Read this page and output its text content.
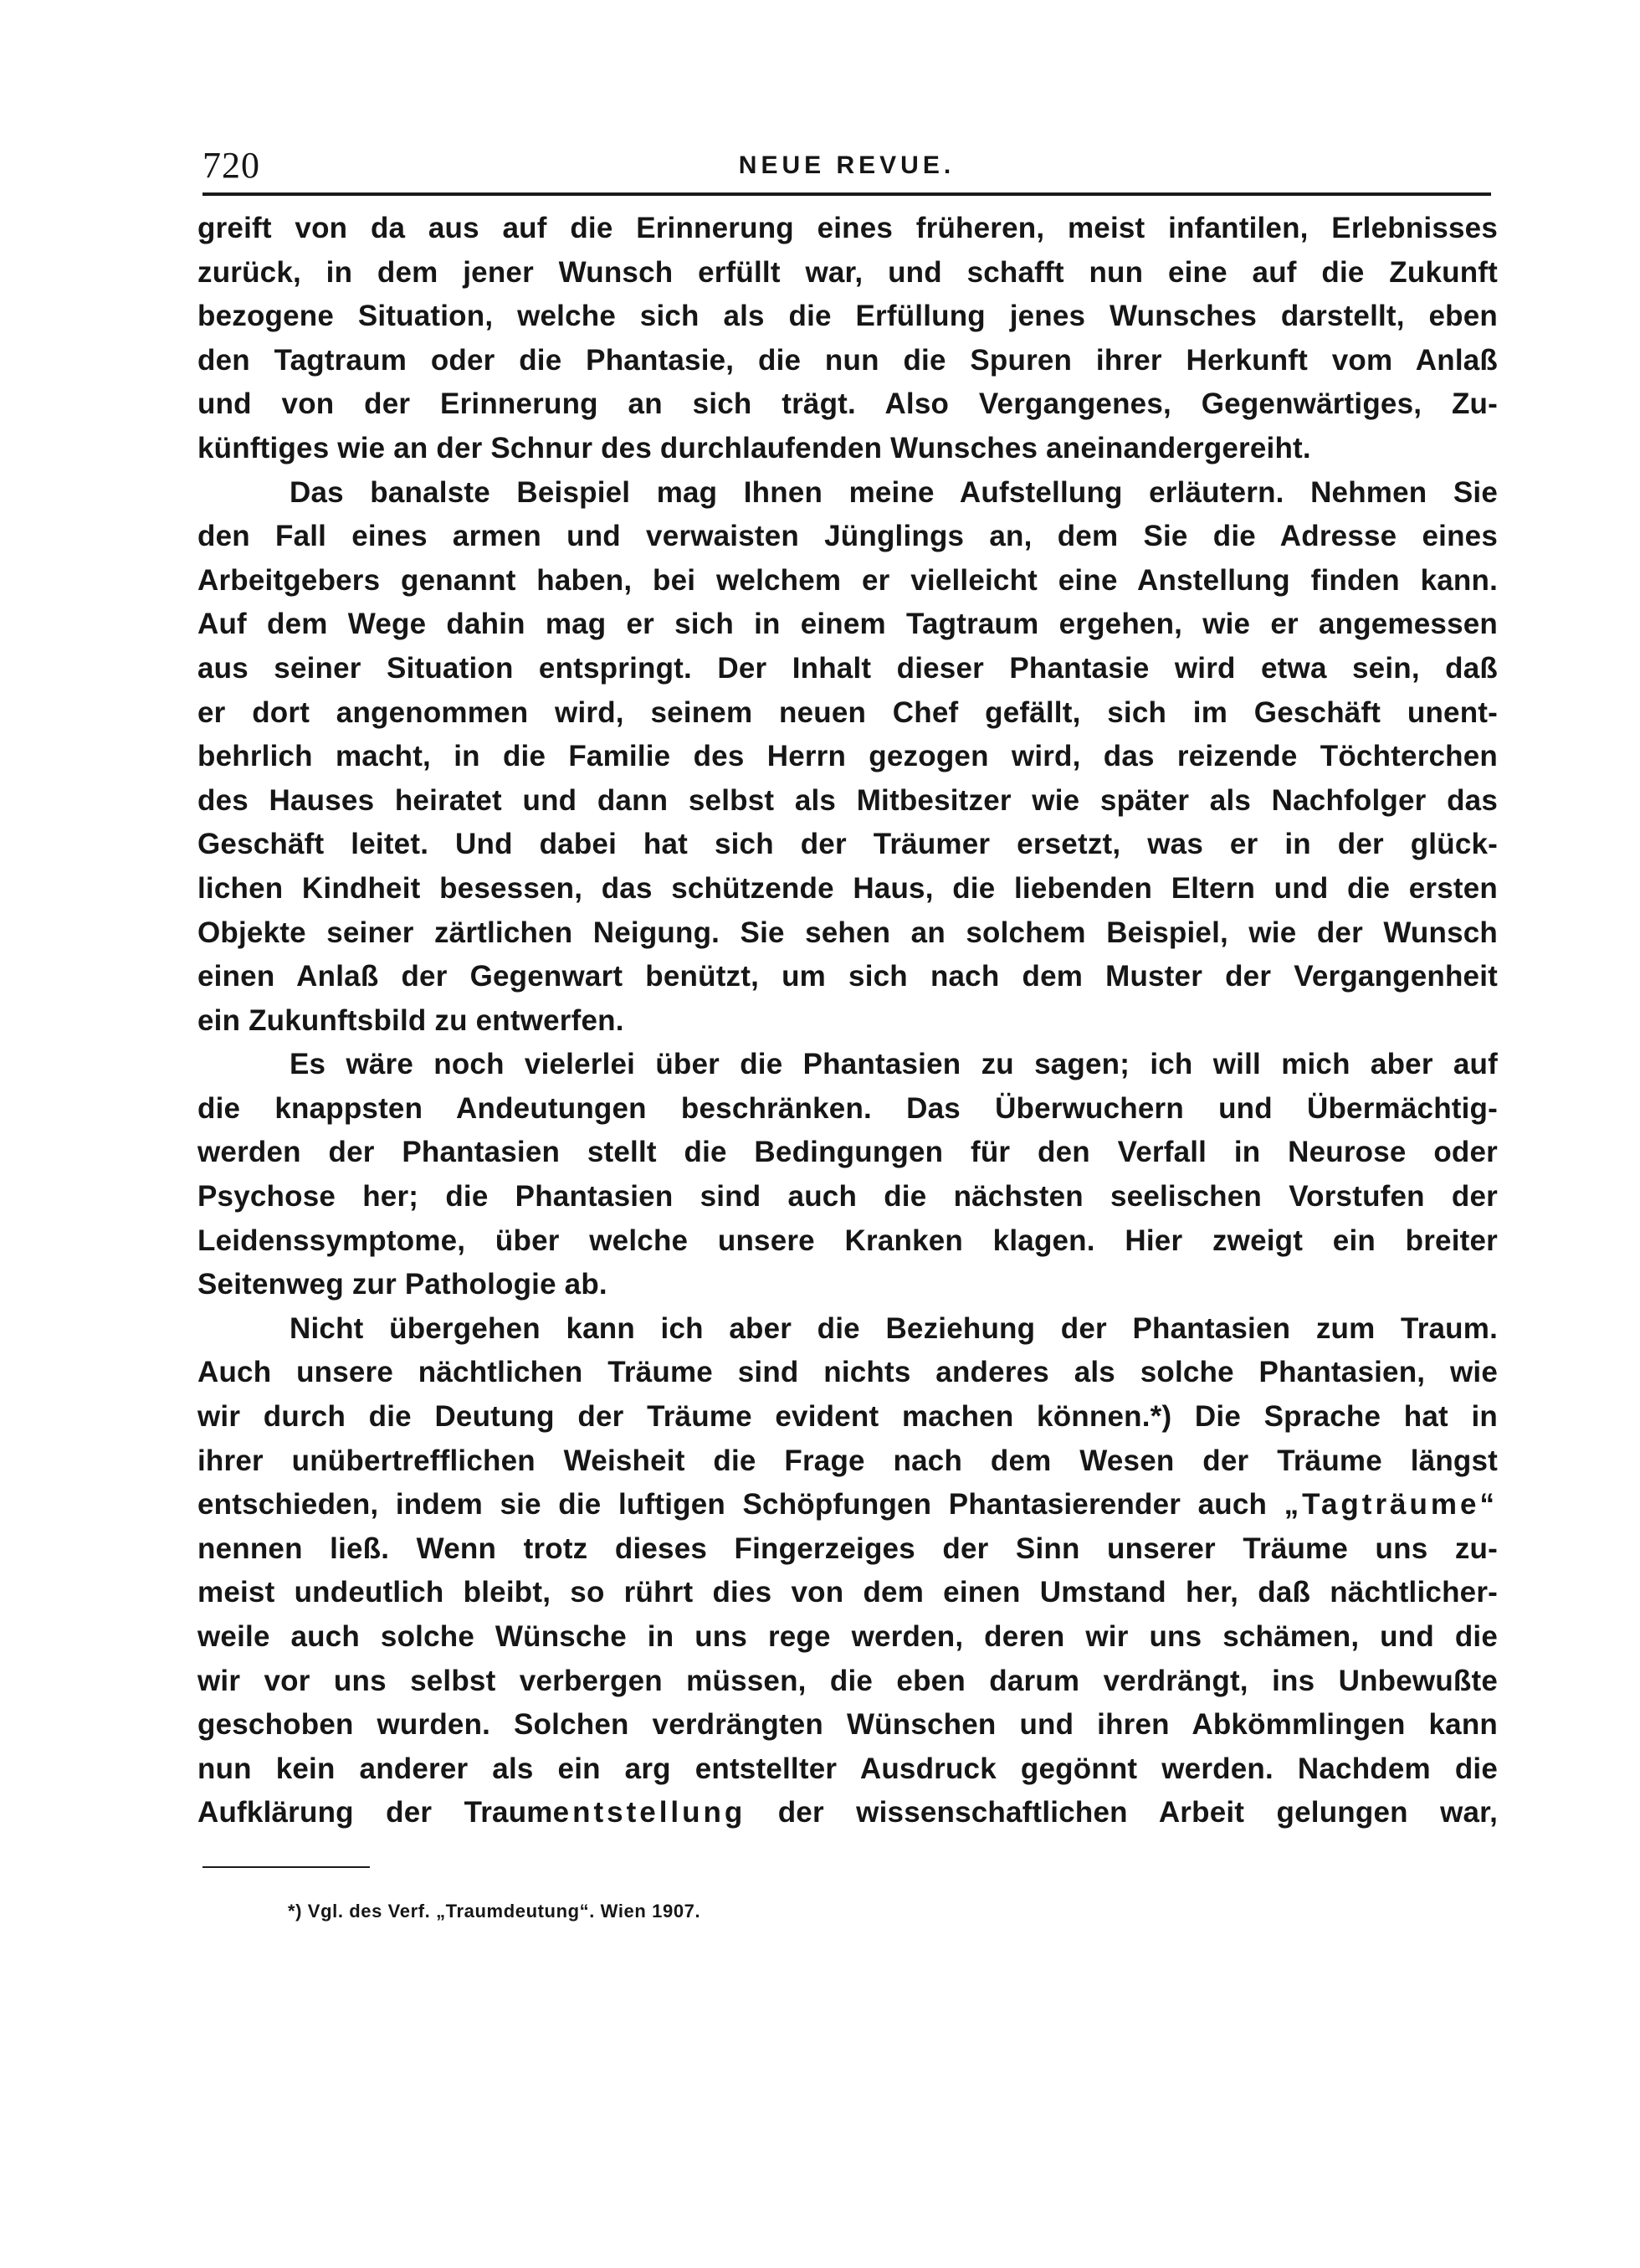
720	NEUE REVUE.
greift von da aus auf die Erinnerung eines früheren, meist infantilen, Erlebnisses
zurück, in dem jener Wunsch erfüllt war, und schafft nun eine auf die Zukunft
bezogene Situation, welche sich als die Erfüllung jenes Wunsches darstellt, eben
den Tagtraum oder die Phantasie, die nun die Spuren ihrer Herkunft vom Anlaß
und von der Erinnerung an sich trägt. Also Vergangenes, Gegenwärtiges, Zu-
künftiges wie an der Schnur des durchlaufenden Wunsches aneinandergereiht.
Das banalste Beispiel mag Ihnen meine Aufstellung erläutern. Nehmen Sie
den Fall eines armen und verwaisten Jünglings an, dem Sie die Adresse eines
Arbeitgebers genannt haben, bei welchem er vielleicht eine Anstellung finden kann.
Auf dem Wege dahin mag er sich in einem Tagtraum ergehen, wie er angemessen
aus seiner Situation entspringt. Der Inhalt dieser Phantasie wird etwa sein, daß
er dort angenommen wird, seinem neuen Chef gefällt, sich im Geschäft unent-
behrlich macht, in die Familie des Herrn gezogen wird, das reizende Töchterchen
des Hauses heiratet und dann selbst als Mitbesitzer wie später als Nachfolger das
Geschäft leitet. Und dabei hat sich der Träumer ersetzt, was er in der glück-
lichen Kindheit besessen, das schützende Haus, die liebenden Eltern und die ersten
Objekte seiner zärtlichen Neigung. Sie sehen an solchem Beispiel, wie der Wunsch
einen Anlaß der Gegenwart benützt, um sich nach dem Muster der Vergangenheit
ein Zukunftsbild zu entwerfen.
Es wäre noch vielerlei über die Phantasien zu sagen; ich will mich aber auf
die knappsten Andeutungen beschränken. Das Überwuchern und Übermächtig-
werden der Phantasien stellt die Bedingungen für den Verfall in Neurose oder
Psychose her; die Phantasien sind auch die nächsten seelischen Vorstufen der
Leidenssymptome, über welche unsere Kranken klagen. Hier zweigt ein breiter
Seitenweg zur Pathologie ab.
Nicht übergehen kann ich aber die Beziehung der Phantasien zum Traum.
Auch unsere nächtlichen Träume sind nichts anderes als solche Phantasien, wie
wir durch die Deutung der Träume evident machen können.*) Die Sprache hat in
ihrer unübertrefflichen Weisheit die Frage nach dem Wesen der Träume längst
entschieden, indem sie die luftigen Schöpfungen Phantasierender auch „Tagträume“
nennen ließ. Wenn trotz dieses Fingerzeiges der Sinn unserer Träume uns zu-
meist undeutlich bleibt, so rührt dies von dem einen Umstand her, daß nächtlicher-
weile auch solche Wünsche in uns rege werden, deren wir uns schämen, und die
wir vor uns selbst verbergen müssen, die eben darum verdrängt, ins Unbewußte
geschoben wurden. Solchen verdrängten Wünschen und ihren Abkömmlingen kann
nun kein anderer als ein arg entstellter Ausdruck gegönnt werden. Nachdem die
Aufklärung der Traumentstellung der wissenschaftlichen Arbeit gelungen war,
*) Vgl. des Verf. „Traumdeutung“. Wien 1907.
